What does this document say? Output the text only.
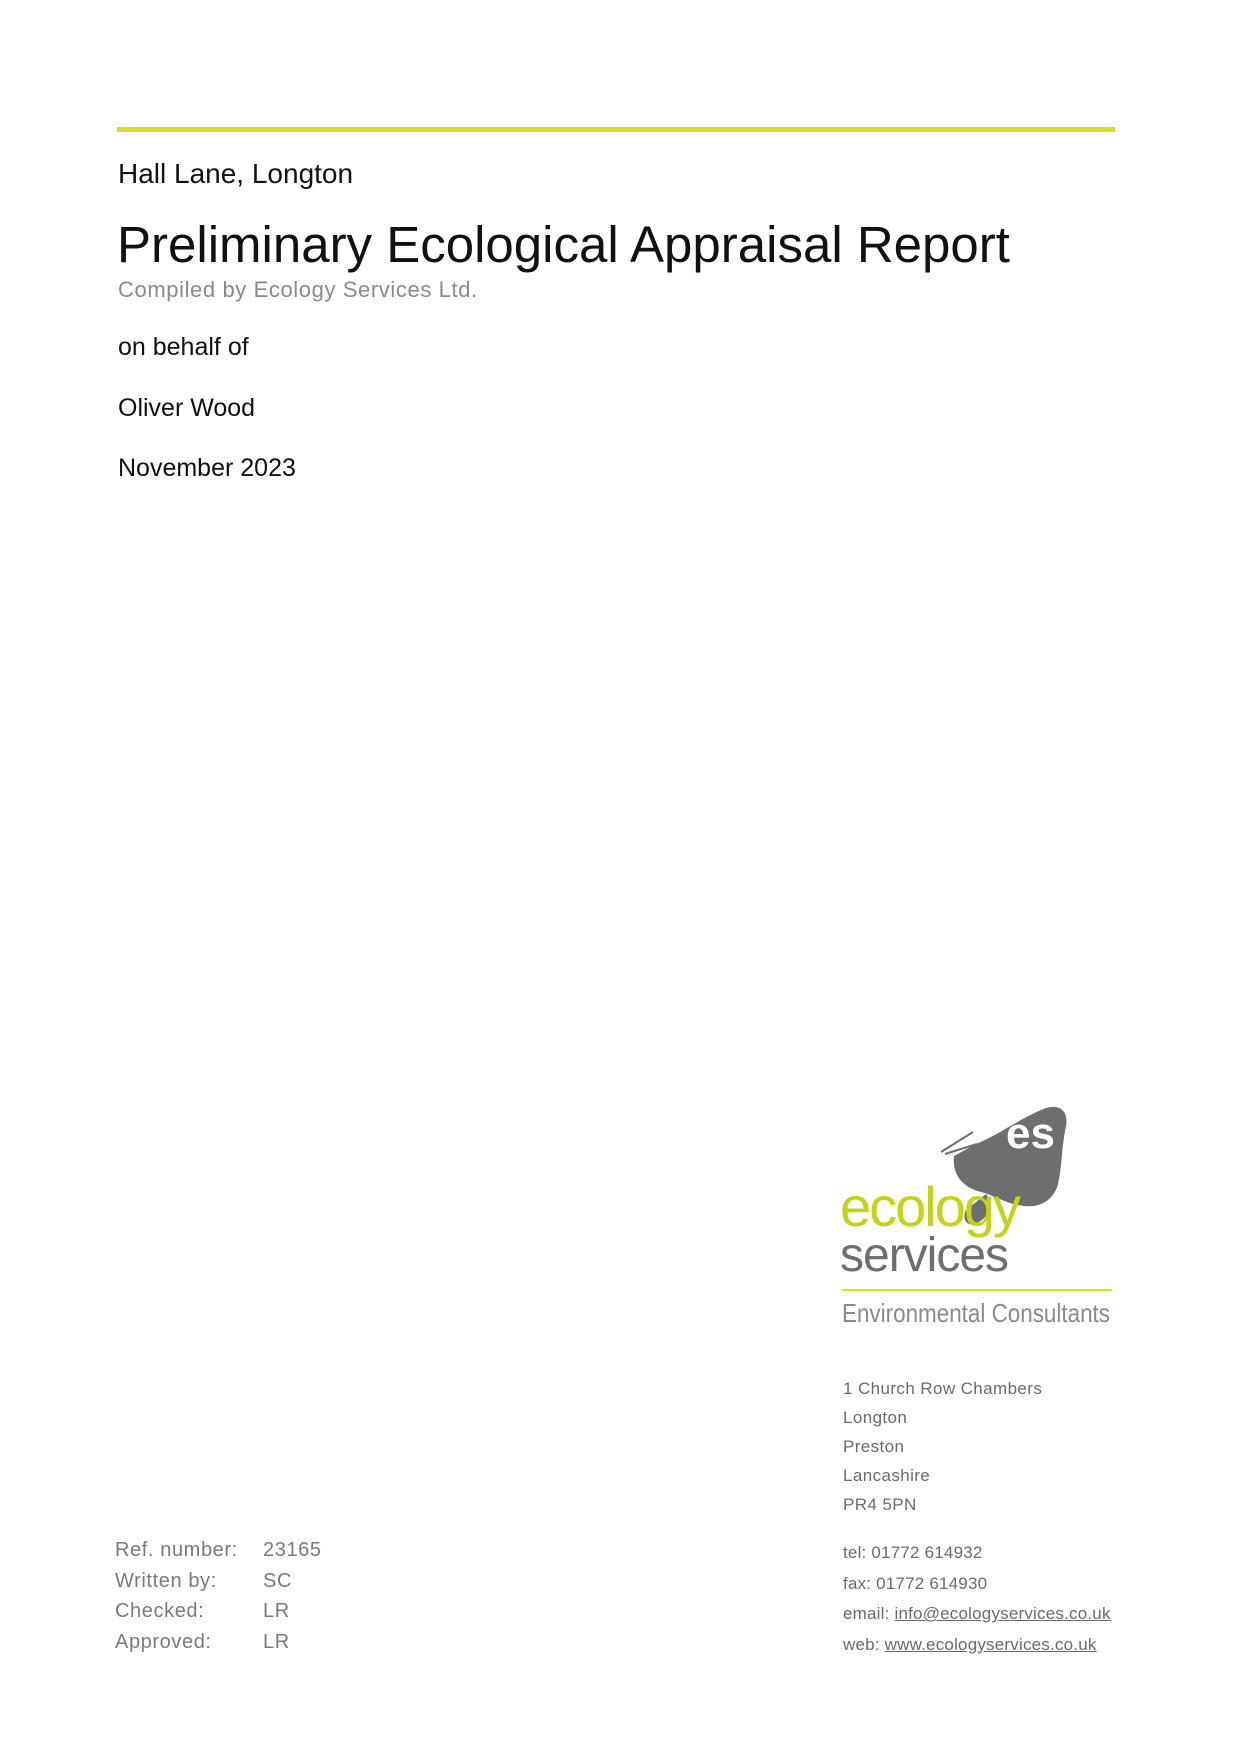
Hall Lane, Longton
Preliminary Ecological Appraisal Report
Compiled by Ecology Services Ltd.
on behalf of
Oliver Wood
November 2023
es
ecology
services
Environmental Consultants
1 Church Row Chambers
Longton
Preston
Lancashire
PR4 5PN
tel: 01772 614932
fax: 01772 614930
email: info@ecologyservices.co.uk
web: www.ecologyservices.co.uk
Ref. number:	23165
Written by:	SC
Checked:	LR
Approved:	LR
